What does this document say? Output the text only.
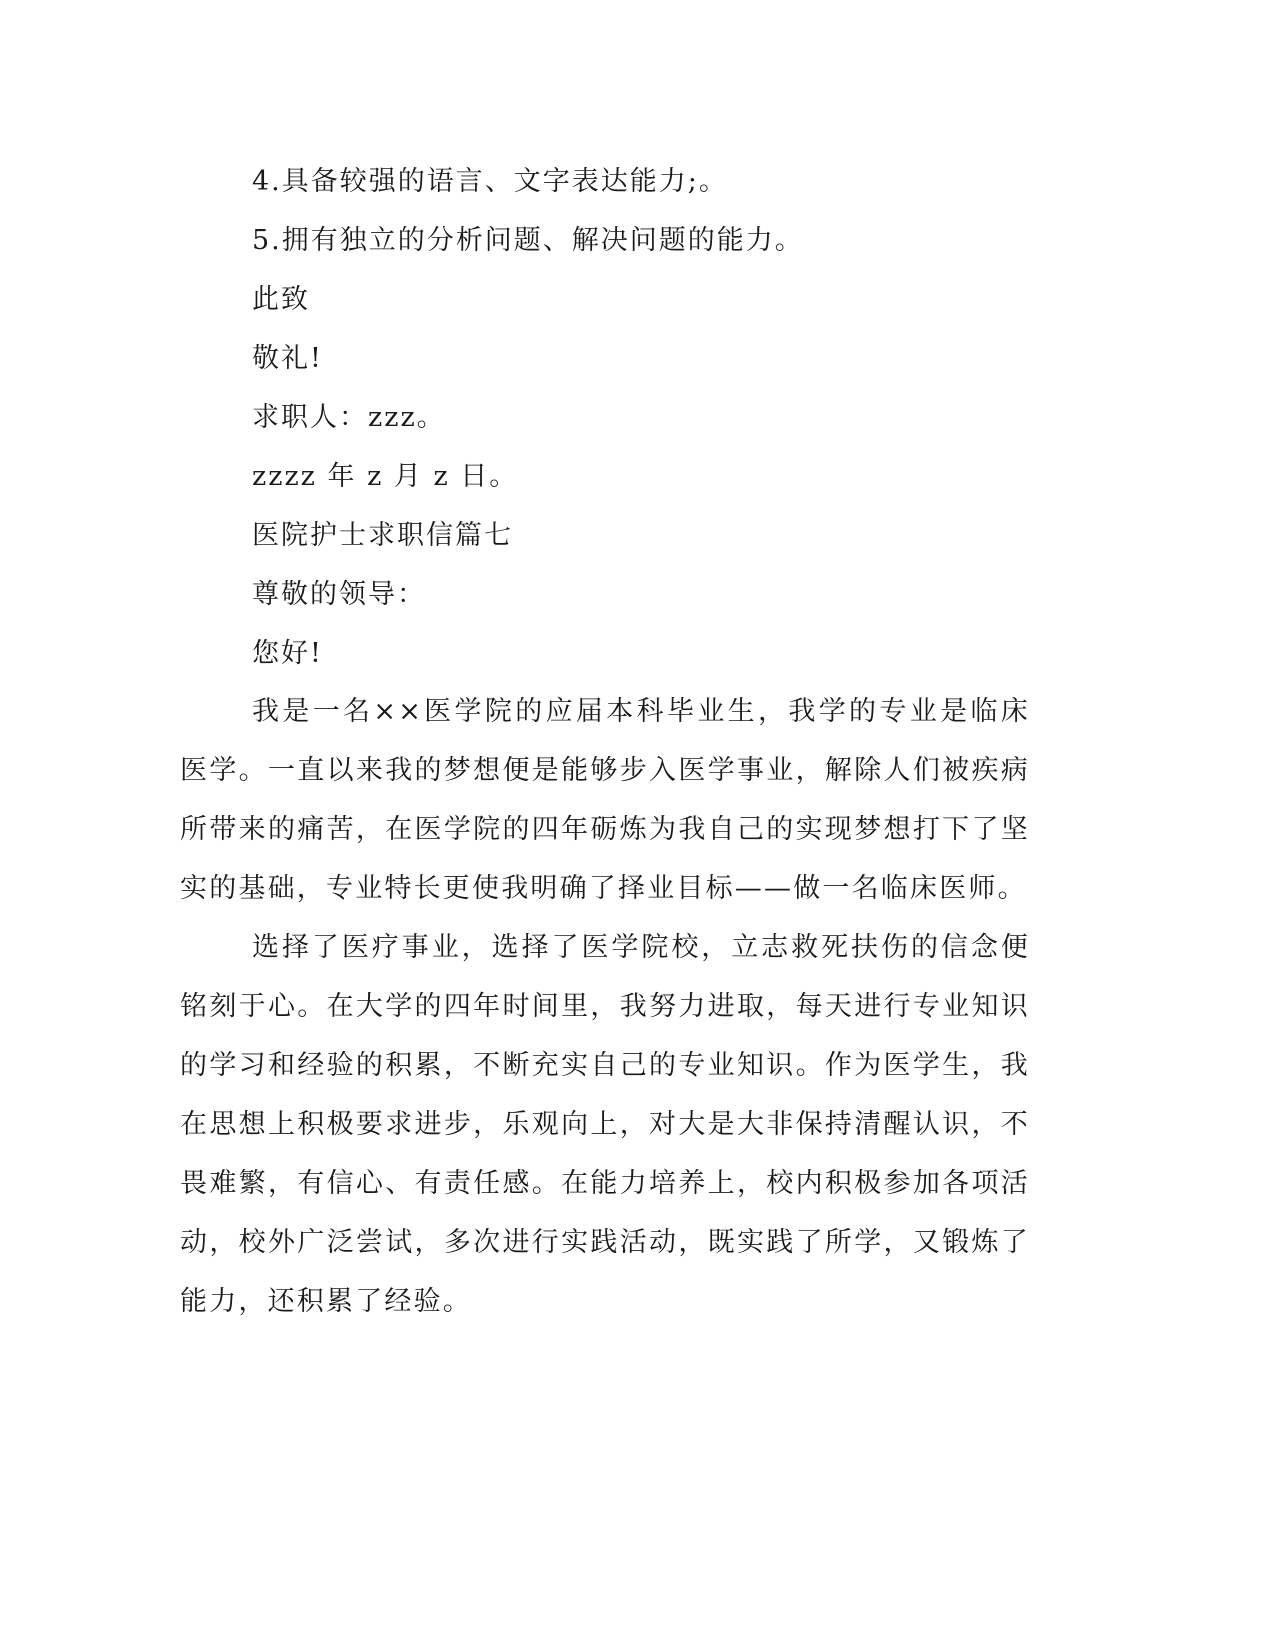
4.具备较强的语言、文字表达能力;。
5.拥有独立的分析问题、解决问题的能力。
此致
敬礼!
求职人：zzz。
zzzz 年 z 月 z 日。
医院护士求职信篇七
尊敬的领导：
您好!
我是一名××医学院的应届本科毕业生，我学的专业是临床医学。一直以来我的梦想便是能够步入医学事业，解除人们被疾病所带来的痛苦，在医学院的四年砺炼为我自己的实现梦想打下了坚实的基础，专业特长更使我明确了择业目标——做一名临床医师。
选择了医疗事业，选择了医学院校，立志救死扶伤的信念便铭刻于心。在大学的四年时间里，我努力进取，每天进行专业知识的学习和经验的积累，不断充实自己的专业知识。作为医学生，我在思想上积极要求进步，乐观向上，对大是大非保持清醒认识，不畏难繁，有信心、有责任感。在能力培养上，校内积极参加各项活动，校外广泛尝试，多次进行实践活动，既实践了所学，又锻炼了能力，还积累了经验。
